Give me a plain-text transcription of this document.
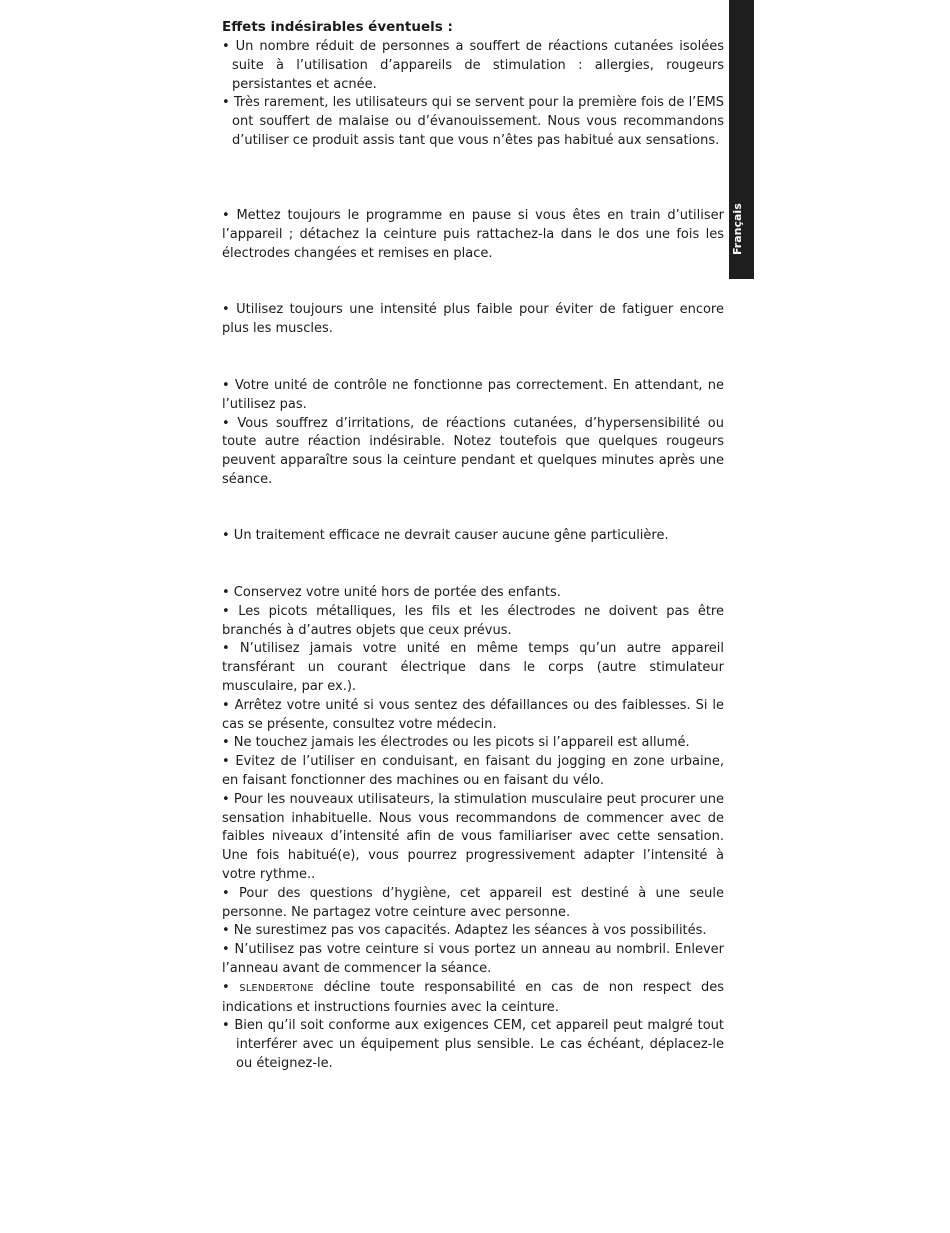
Français
Effets indésirables éventuels :

• Un nombre réduit de personnes a souffert de réactions cutanées isolées suite à l’utilisation d’appareils de stimulation : allergies, rougeurs persistantes et acnée.

• Très rarement, les utilisateurs qui se servent pour la première fois de l’EMS ont souffert de malaise ou d’évanouissement. Nous vous recommandons d’utiliser ce produit assis tant que vous n’êtes pas habitué aux sensations.

• Mettez toujours le programme en pause si vous êtes en train d’utiliser l’appareil ; détachez la ceinture puis rattachez-la dans le dos une fois les électrodes changées et remises en place.

• Utilisez toujours une intensité plus faible pour éviter de fatiguer encore plus les muscles.

• Votre unité de contrôle ne fonctionne pas correctement. En attendant, ne l’utilisez pas.

• Vous souffrez d’irritations, de réactions cutanées, d’hypersensibilité ou toute autre réaction indésirable. Notez toutefois que quelques rougeurs peuvent apparaître sous la ceinture pendant et quelques minutes après une séance.

• Un traitement efficace ne devrait causer aucune gêne particulière.

• Conservez votre unité hors de portée des enfants.

• Les picots métalliques, les fils et les électrodes ne doivent pas être branchés à d’autres objets que ceux prévus.

• N’utilisez jamais votre unité en même temps qu’un autre appareil transférant un courant électrique dans le corps (autre stimulateur musculaire, par ex.).

• Arrêtez votre unité si vous sentez des défaillances ou des faiblesses. Si le cas se présente, consultez votre médecin.

• Ne touchez jamais les électrodes ou les picots si l’appareil est allumé.

• Evitez de l’utiliser en conduisant, en faisant du jogging en zone urbaine, en faisant fonctionner des machines ou en faisant du vélo.

• Pour les nouveaux utilisateurs, la stimulation musculaire peut procurer une sensation inhabituelle. Nous vous recommandons de commencer avec de faibles niveaux d’intensité afin de vous familiariser avec cette sensation. Une fois habitué(e), vous pourrez progressivement adapter l’intensité à votre rythme..

• Pour des questions d’hygiène, cet appareil est destiné à une seule personne. Ne partagez votre ceinture avec personne.

• Ne surestimez pas vos capacités. Adaptez les séances à vos possibilités.

• N’utilisez pas votre ceinture si vous portez un anneau au nombril. Enlever l’anneau avant de commencer la séance.

• SLENDERTONE décline toute responsabilité en cas de non respect des indications et instructions fournies avec la ceinture.

• Bien qu’il soit conforme aux exigences CEM, cet appareil peut malgré tout interférer avec un équipement plus sensible. Le cas échéant, déplacez-le ou éteignez-le.
